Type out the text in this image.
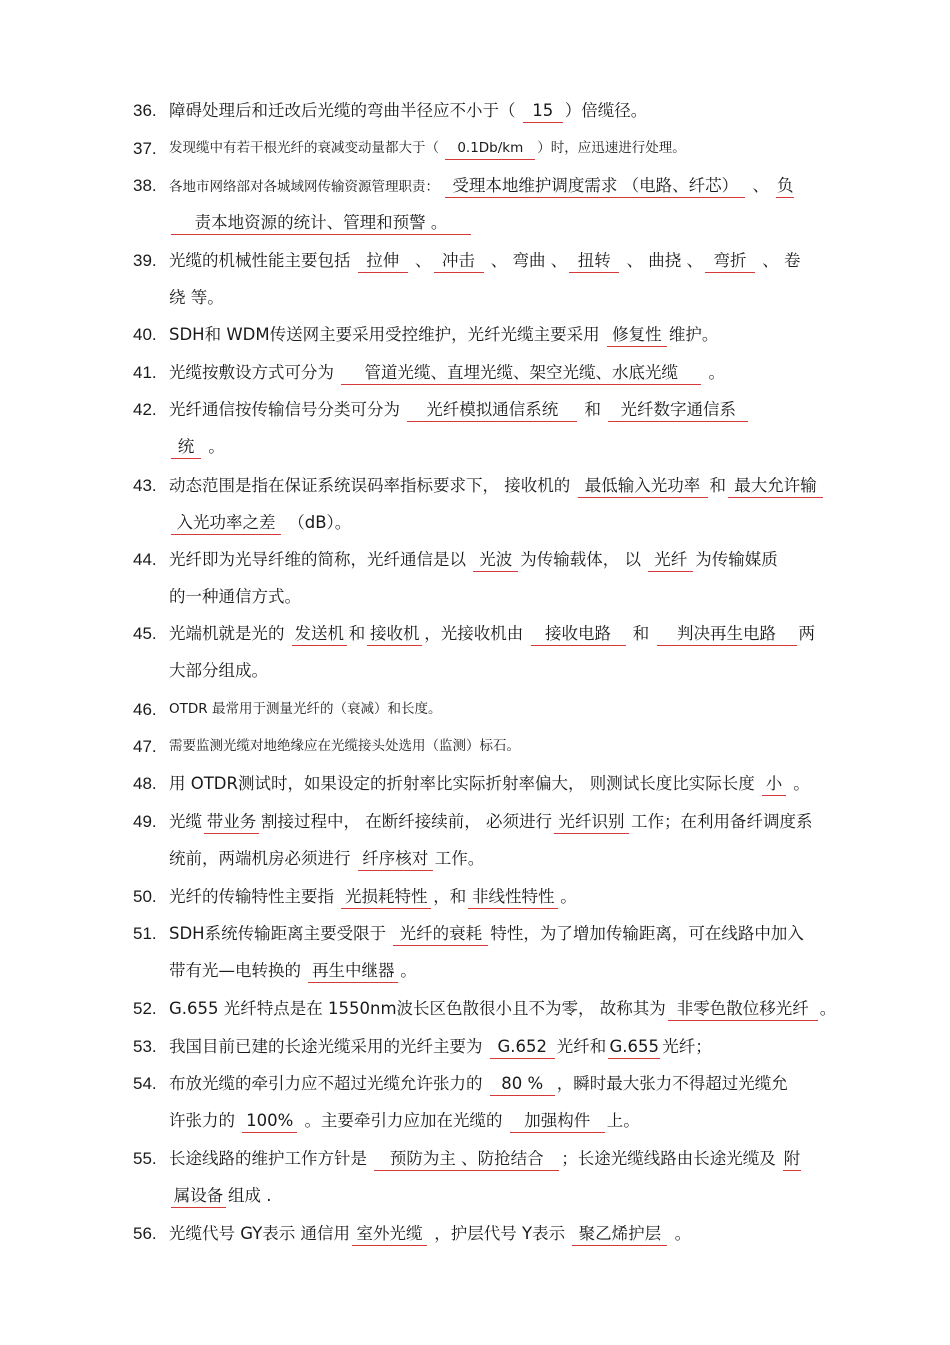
36. 障碍处理后和迁改后光缆的弯曲半径应不小于（ 15 ）倍缆径。
37. 发现缆中有若干根光纤的衰减变动量都大于（ 0.1Db/km ）时，应迅速进行处理。
38. 各地市网络部对各城域网传输资源管理职责： 受理本地维护调度需求 （电路、纤芯） 、 负
责本地资源的统计、管理和预警 。
39. 光缆的机械性能主要包括 拉伸 、 冲击 、 弯曲 、 扭转 、 曲挠 、 弯折 、 卷
绕 等。
40. SDH和 WDM传送网主要采用受控维护，光纤光缆主要采用 修复性 维护。
41. 光缆按敷设方式可分为 管道光缆、直埋光缆、架空光缆、水底光缆 。
42. 光纤通信按传输信号分类可分为 光纤模拟通信系统 和 光纤数字通信系
统 。
43. 动态范围是指在保证系统误码率指标要求下， 接收机的 最低输入光功率 和 最大允许输
入光功率之差 （dB）。
44. 光纤即为光导纤维的简称，光纤通信是以 光波 为传输载体， 以 光纤 为传输媒质
的一种通信方式。
45. 光端机就是光的 发送机 和 接收机 ，光接收机由 接收电路 和 判决再生电路 两
大部分组成。
46. OTDR 最常用于测量光纤的（衰减）和长度。
47. 需要监测光缆对地绝缘应在光缆接头处选用（监测）标石。
48. 用 OTDR测试时，如果设定的折射率比实际折射率偏大， 则测试长度比实际长度 小 。
49. 光缆 带业务 割接过程中， 在断纤接续前， 必须进行 光纤识别 工作；在利用备纤调度系
统前，两端机房必须进行 纤序核对 工作。
50. 光纤的传输特性主要指 光损耗特性 ，和 非线性特性 。
51. SDH系统传输距离主要受限于 光纤的衰耗 特性，为了增加传输距离，可在线路中加入
带有光—电转换的 再生中继器 。
52. G.655 光纤特点是在 1550nm波长区色散很小且不为零， 故称其为 非零色散位移光纤 。
53. 我国目前已建的长途光缆采用的光纤主要为 G.652 光纤和 G.655 光纤；
54. 布放光缆的牵引力应不超过光缆允许张力的 80 % ，瞬时最大张力不得超过光缆允
许张力的 100% 。主要牵引力应加在光缆的 加强构件 上。
55. 长途线路的维护工作方针是 预防为主 、防抢结合 ；长途光缆线路由长途光缆及 附
属设备 组成 .
56. 光缆代号 GY表示 通信用 室外光缆 ，护层代号 Y表示 聚乙烯护层 。
